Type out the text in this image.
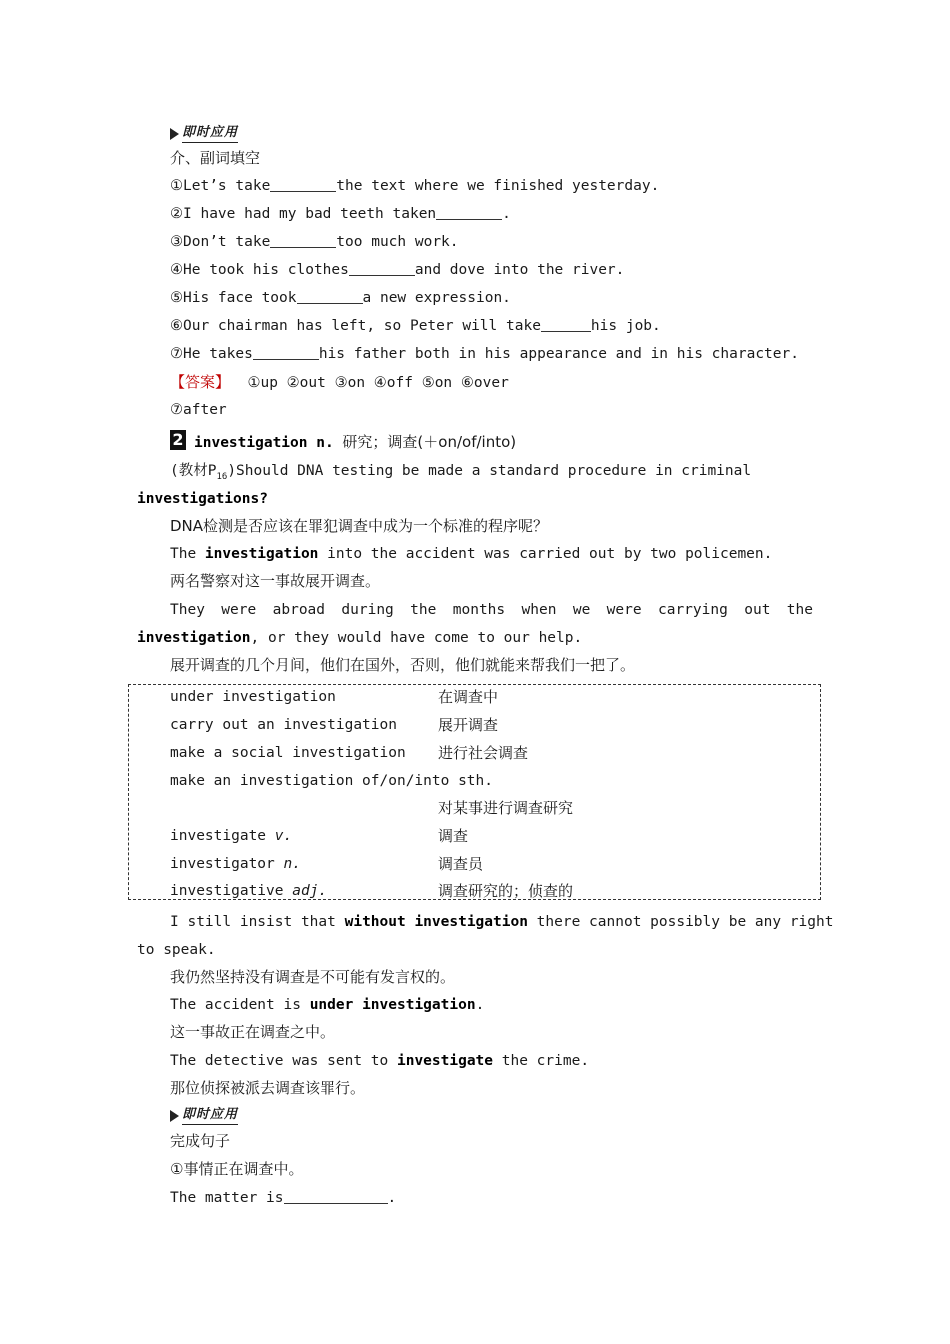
即时应用
介、副词填空
①Let’s take	the text where we finished yesterday.
②I have had my bad teeth taken	.
③Don’t take	too much work.
④He took his clothes	and dove into the river.
⑤His face took	a new expression.
⑥Our chairman has left, so Peter will take	his job.
⑦He takes	his father both in his appearance and in his character.
【答案】 ①up ②out ③on ④off ⑤on ⑥over
⑦after
2 investigation n. 研究；调查(＋on/of/into)
(教材$P_{16})Should$ DNA testing be made a standard procedure in criminal
investigations?
DNA检测是否应该在罪犯调查中成为一个标准的程序呢？
The investigation into the accident was carried out by two policemen.
两名警察对这一事故展开调查。
They were abroad during the months when we were carrying out the
investigation, or they would have come to our help.
展开调查的几个月间，他们在国外，否则，他们就能来帮我们一把了。
under investigation	在调查中
carry out an investigation	展开调查
make a social investigation 进行社会调查
make an investigation of/on/into sth.
对某事进行调查研究
investigate v.	调查
investigator n.	调查员
investigative adj.	调查研究的；侦查的
I still insist that without investigation there cannot possibly be any right
to speak.
我仍然坚持没有调查是不可能有发言权的。
The accident is under investigation.
这一事故正在调查之中。
The detective was sent to investigate the crime.
那位侦探被派去调查该罪行。
即时应用
完成句子
①事情正在调查中。
The matter is	.
